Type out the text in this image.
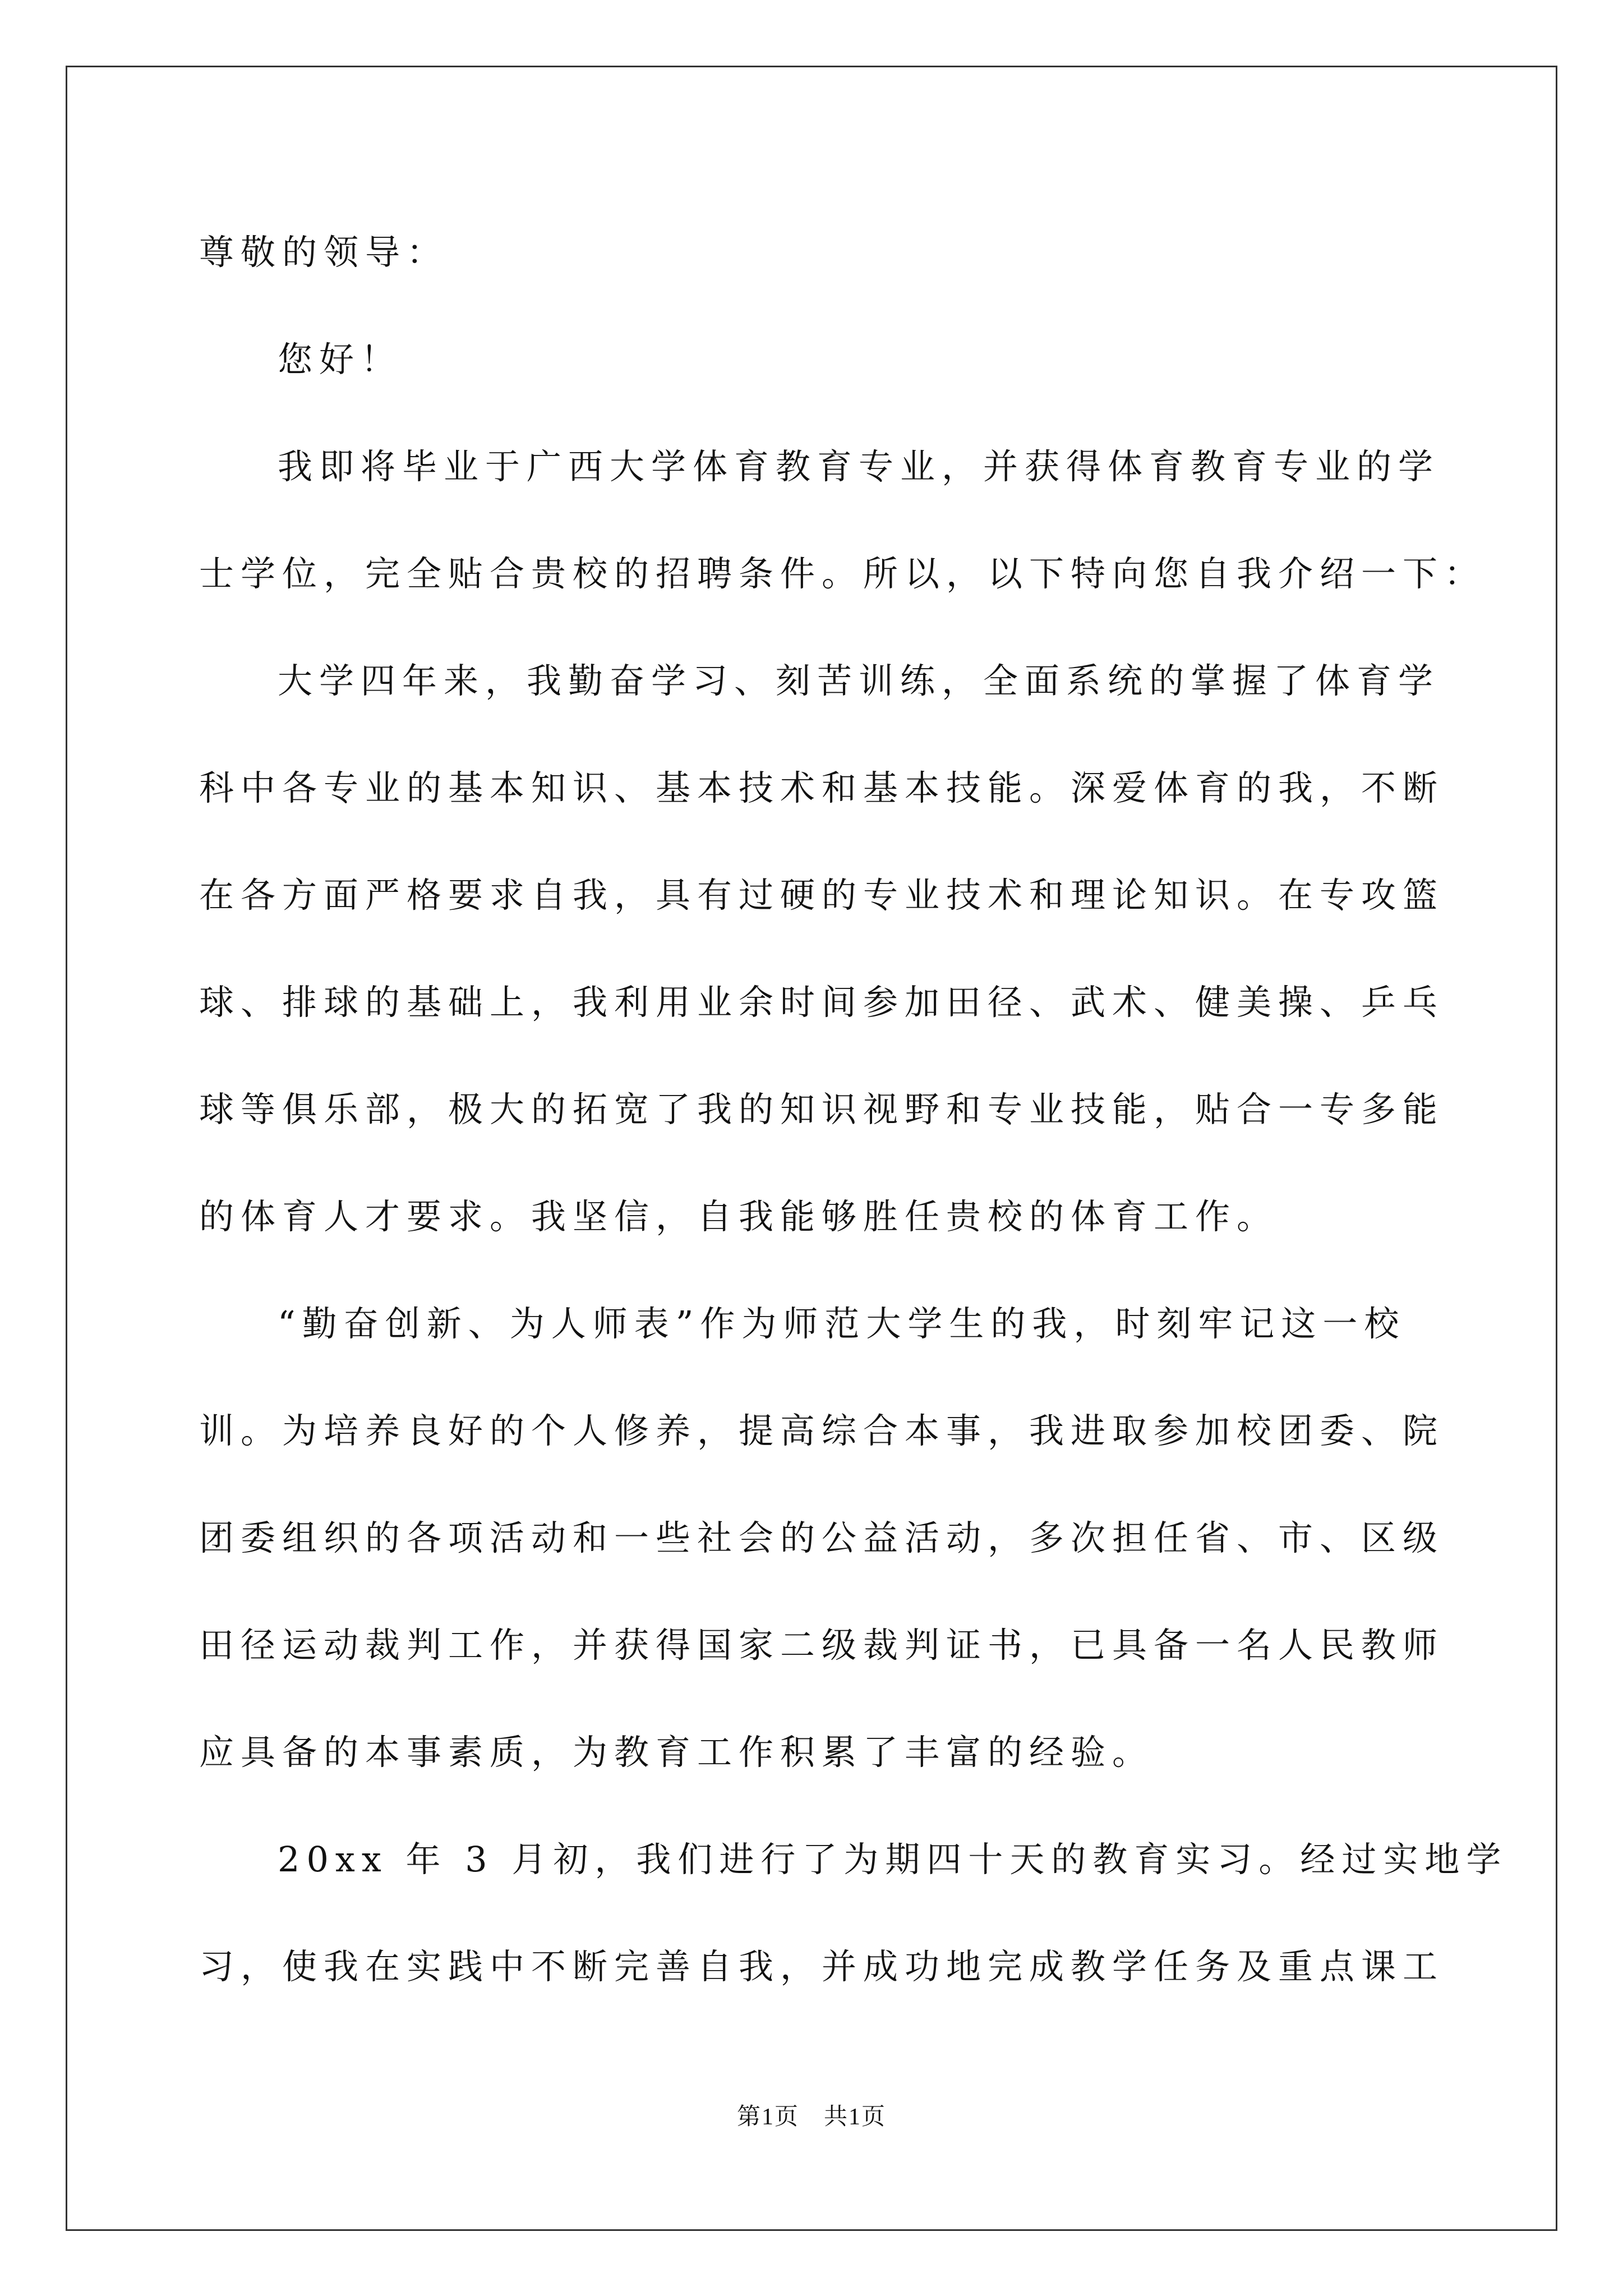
尊敬的领导：
您好！
我即将毕业于广西大学体育教育专业，并获得体育教育专业的学
士学位，完全贴合贵校的招聘条件。所以，以下特向您自我介绍一下：
大学四年来，我勤奋学习、刻苦训练，全面系统的掌握了体育学
科中各专业的基本知识、基本技术和基本技能。深爱体育的我，不断
在各方面严格要求自我，具有过硬的专业技术和理论知识。在专攻篮
球、排球的基础上，我利用业余时间参加田径、武术、健美操、乒乓
球等俱乐部，极大的拓宽了我的知识视野和专业技能，贴合一专多能
的体育人才要求。我坚信，自我能够胜任贵校的体育工作。
“勤奋创新、为人师表”作为师范大学生的我，时刻牢记这一校
训。为培养良好的个人修养，提高综合本事，我进取参加校团委、院
团委组织的各项活动和一些社会的公益活动，多次担任省、市、区级
田径运动裁判工作，并获得国家二级裁判证书，已具备一名人民教师
应具备的本事素质，为教育工作积累了丰富的经验。
20xx 年 3 月初，我们进行了为期四十天的教育实习。经过实地学
习，使我在实践中不断完善自我，并成功地完成教学任务及重点课工
第1页　共1页
